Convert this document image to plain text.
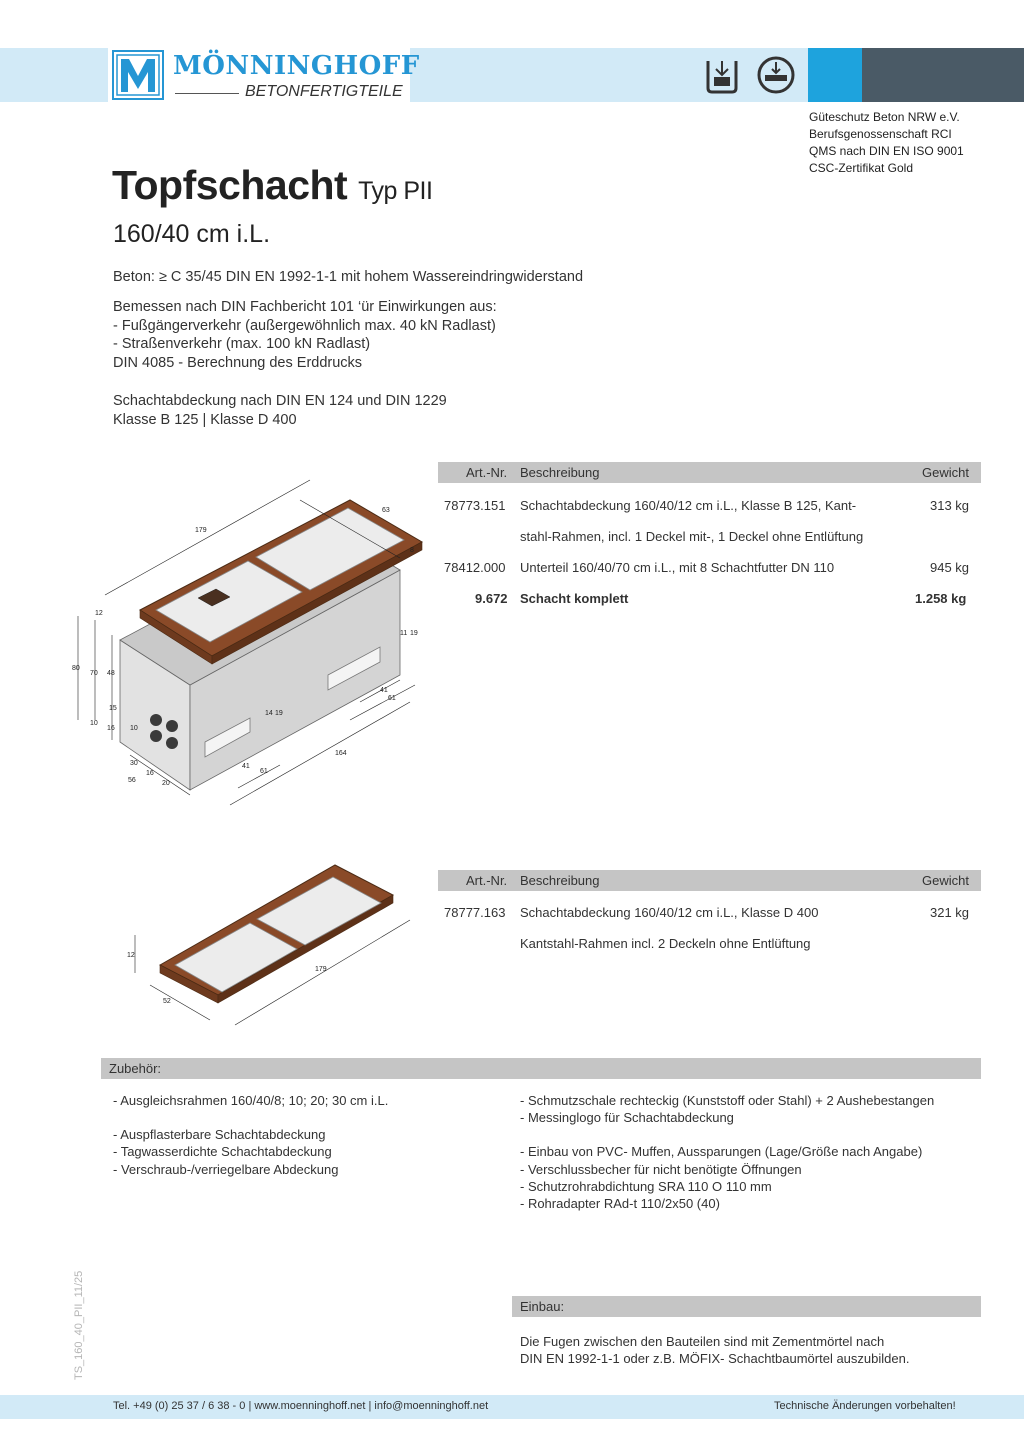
MÖNNINGHOFF
BETONFERTIGTEILE
Güteschutz Beton NRW e.V.
Berufsgenossenschaft RCI
QMS nach DIN EN ISO 9001
CSC-Zertifikat Gold
Topfschacht Typ PII
160/40 cm i.L.
Beton: ≥ C 35/45 DIN EN 1992-1-1 mit hohem Wassereindringwiderstand
Bemessen nach DIN Fachbericht 101 ‘ür Einwirkungen aus:
- Fußgängerverkehr (außergewöhnlich max. 40 kN Radlast)
- Straßenverkehr (max. 100 kN Radlast)
DIN 4085 - Berechnung des Erddrucks
Schachtabdeckung nach DIN EN 124 und DIN 1229
Klasse B 125 | Klasse D 400
179
12
80
70 48
10
16
15
30
16
20
56
41
61
164
41
61
14 19
11 19
10
63
8
Art.-Nr. Beschreibung	Gewicht
78773.151 Schachtabdeckung 160/40/12 cm i.L., Klasse B 125, Kant-	313 kg
stahl-Rahmen, incl. 1 Deckel mit-, 1 Deckel ohne Entlüftung
78412.000 Unterteil 160/40/70 cm i.L., mit 8 Schachtfutter DN 110	945 kg
9.672 Schacht komplett	1.258 kg
12
179
52
Art.-Nr. Beschreibung	Gewicht
78777.163 Schachtabdeckung 160/40/12 cm i.L., Klasse D 400	321 kg
Kantstahl-Rahmen incl. 2 Deckeln ohne Entlüftung
Zubehör:
- Ausgleichsrahmen 160/40/8; 10; 20; 30 cm i.L.
- Auspflasterbare Schachtabdeckung
- Tagwasserdichte Schachtabdeckung
- Verschraub-/verriegelbare Abdeckung
- Schmutzschale rechteckig (Kunststoff oder Stahl) + 2 Aushebestangen
- Messinglogo für Schachtabdeckung
- Einbau von PVC- Muffen, Aussparungen (Lage/Größe nach Angabe)
- Verschlussbecher für nicht benötigte Öffnungen
- Schutzrohrabdichtung SRA 110 O 110 mm
- Rohradapter RAd-t 110/2x50 (40)
Einbau:
Die Fugen zwischen den Bauteilen sind mit Zementmörtel nach
DIN EN 1992-1-1 oder z.B. MÖFIX- Schachtbaumörtel auszubilden.
TS_160_40_PII_11/25
Tel. +49 (0) 25 37 / 6 38 - 0 | www.moenninghoff.net | info@moenninghoff.net	Technische Änderungen vorbehalten!
